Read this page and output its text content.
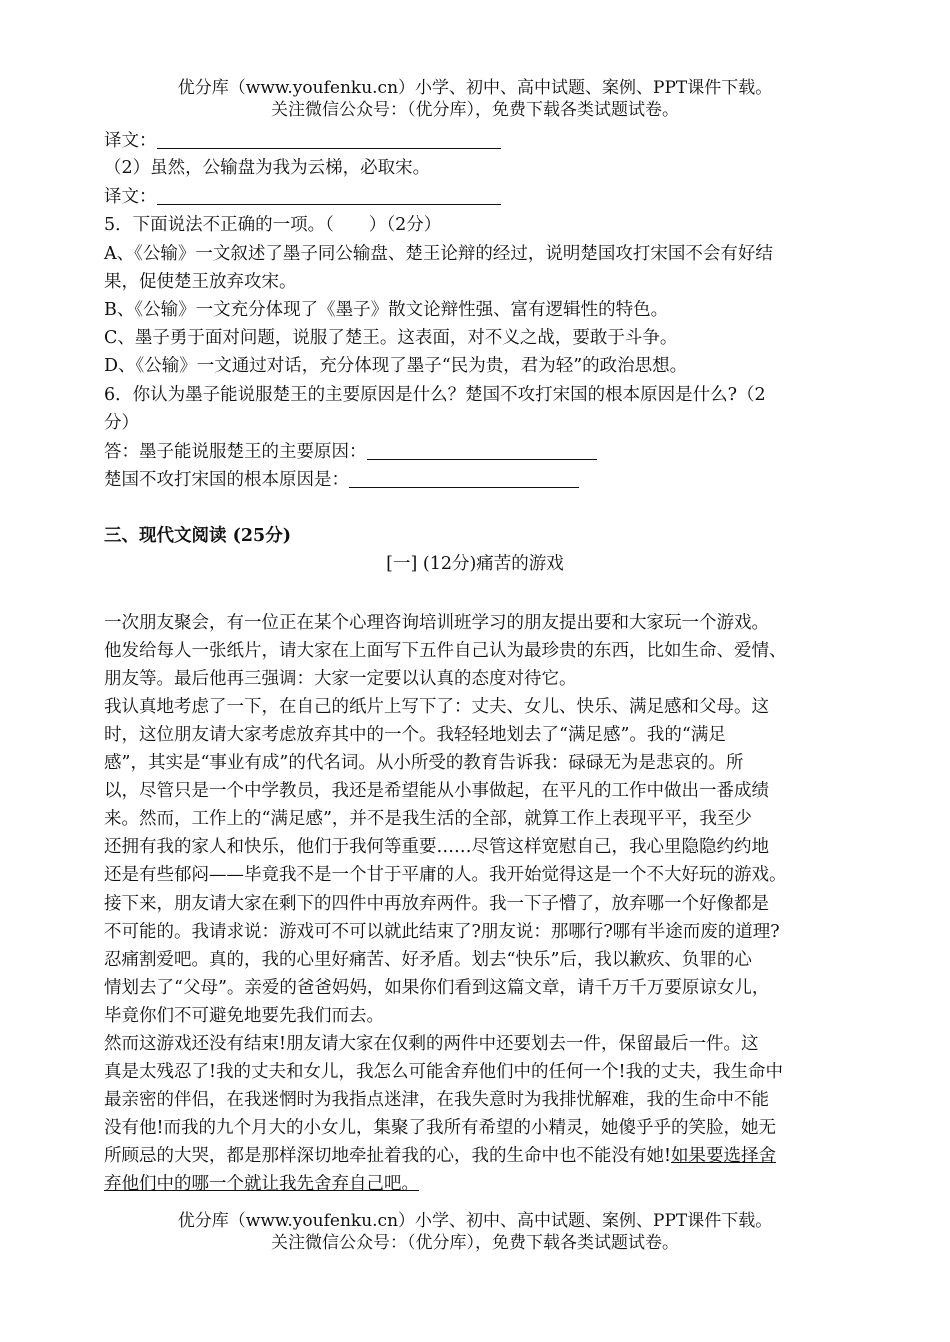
优分库（www.youfenku.cn）小学、初中、高中试题、案例、PPT课件下载。
关注微信公众号：（优分库），免费下载各类试题试卷。
译文：
（2）虽然，公输盘为我为云梯，必取宋。
译文：
5．下面说法不正确的一项。（　　）（2分）
A、《公输》一文叙述了墨子同公输盘、楚王论辩的经过，说明楚国攻打宋国不会有好结
果，促使楚王放弃攻宋。
B、《公输》一文充分体现了《墨子》散文论辩性强、富有逻辑性的特色。
C、墨子勇于面对问题，说服了楚王。这表面，对不义之战，要敢于斗争。
D、《公输》一文通过对话，充分体现了墨子“民为贵，君为轻”的政治思想。
6．你认为墨子能说服楚王的主要原因是什么？楚国不攻打宋国的根本原因是什么?（2
分）
答：墨子能说服楚王的主要原因：
楚国不攻打宋国的根本原因是：
三、现代文阅读 (25分)
[一] (12分)痛苦的游戏
一次朋友聚会，有一位正在某个心理咨询培训班学习的朋友提出要和大家玩一个游戏。
他发给每人一张纸片，请大家在上面写下五件自己认为最珍贵的东西，比如生命、爱情、
朋友等。最后他再三强调：大家一定要以认真的态度对待它。
我认真地考虑了一下，在自己的纸片上写下了：丈夫、女儿、快乐、满足感和父母。这
时，这位朋友请大家考虑放弃其中的一个。我轻轻地划去了“满足感”。我的“满足
感”，其实是“事业有成”的代名词。从小所受的教育告诉我：碌碌无为是悲哀的。所
以，尽管只是一个中学教员，我还是希望能从小事做起，在平凡的工作中做出一番成绩
来。然而，工作上的“满足感”，并不是我生活的全部，就算工作上表现平平，我至少
还拥有我的家人和快乐，他们于我何等重要……尽管这样宽慰自己，我心里隐隐约约地
还是有些郁闷——毕竟我不是一个甘于平庸的人。我开始觉得这是一个不大好玩的游戏。
接下来，朋友请大家在剩下的四件中再放弃两件。我一下子懵了，放弃哪一个好像都是
不可能的。我请求说：游戏可不可以就此结束了?朋友说：那哪行?哪有半途而废的道理?
忍痛割爱吧。真的，我的心里好痛苦、好矛盾。划去“快乐”后，我以歉疚、负罪的心
情划去了“父母”。亲爱的爸爸妈妈，如果你们看到这篇文章，请千万千万要原谅女儿，
毕竟你们不可避免地要先我们而去。
然而这游戏还没有结束!朋友请大家在仅剩的两件中还要划去一件，保留最后一件。这
真是太残忍了!我的丈夫和女儿，我怎么可能舍弃他们中的任何一个!我的丈夫，我生命中
最亲密的伴侣，在我迷惘时为我指点迷津，在我失意时为我排忧解难，我的生命中不能
没有他!而我的九个月大的小女儿，集聚了我所有希望的小精灵，她傻乎乎的笑脸，她无
所顾忌的大哭，都是那样深切地牵扯着我的心，我的生命中也不能没有她!如果要选择舍
弃他们中的哪一个就让我先舍弃自己吧。
优分库（www.youfenku.cn）小学、初中、高中试题、案例、PPT课件下载。
关注微信公众号：（优分库），免费下载各类试题试卷。
